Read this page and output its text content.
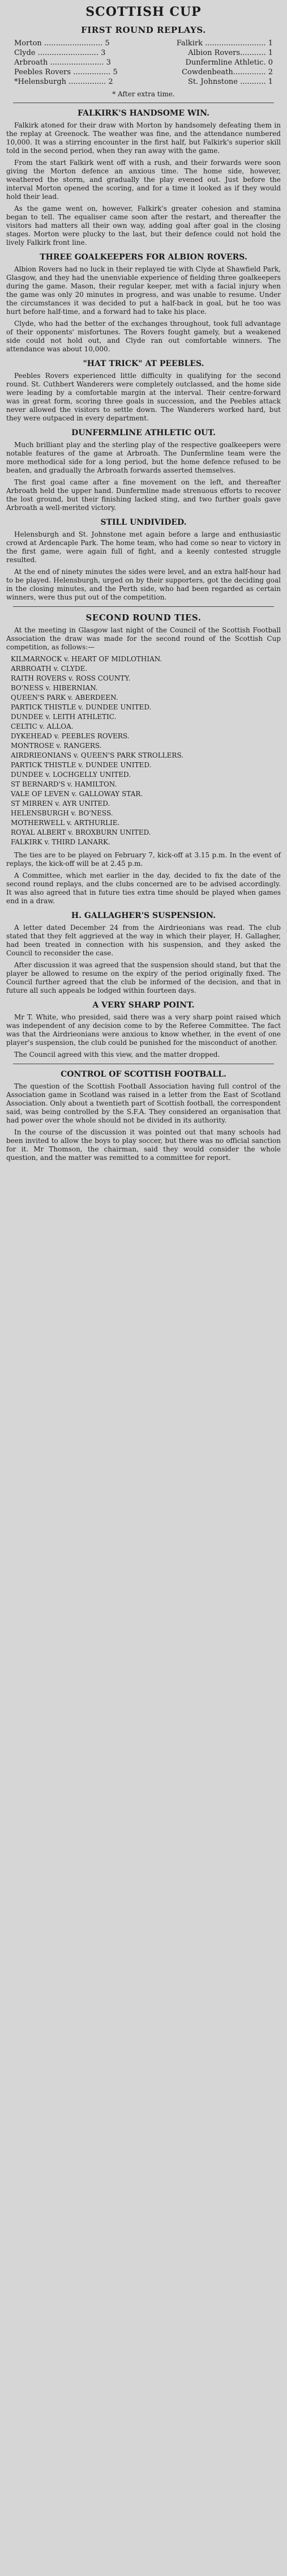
SCOTTISH CUP
FIRST ROUND REPLAYS.
Morton ......................... 5	Falkirk .......................... 1
Clyde .......................... 3	Albion Rovers........... 1
Arbroath ....................... 3	Dunfermline Athletic. 0
Peebles Rovers ................ 5	Cowdenbeath.............. 2
*Helensburgh ................ 2	St. Johnstone ........... 1
* After extra time.
FALKIRK'S HANDSOME WIN.

Falkirk atoned for their draw with Morton by handsomely defeating them in the replay at Greenock. The weather was fine, and the attendance numbered 10,000. It was a stirring encounter in the first half, but Falkirk's superior skill told in the second period, when they ran away with the game.

From the start Falkirk went off with a rush, and their forwards were soon giving the Morton defence an anxious time. The home side, however, weathered the storm, and gradually the play evened out. Just before the interval Morton opened the scoring, and for a time it looked as if they would hold their lead.

As the game went on, however, Falkirk's greater cohesion and stamina began to tell. The equaliser came soon after the restart, and thereafter the visitors had matters all their own way, adding goal after goal in the closing stages. Morton were plucky to the last, but their defence could not hold the lively Falkirk front line.

THREE GOALKEEPERS FOR ALBION ROVERS.

Albion Rovers had no luck in their replayed tie with Clyde at Shawfield Park, Glasgow, and they had the unenviable experience of fielding three goalkeepers during the game. Mason, their regular keeper, met with a facial injury when the game was only 20 minutes in progress, and was unable to resume. Under the circumstances it was decided to put a half-back in goal, but he too was hurt before half-time, and a forward had to take his place.

Clyde, who had the better of the exchanges throughout, took full advantage of their opponents' misfortunes. The Rovers fought gamely, but a weakened side could not hold out, and Clyde ran out comfortable winners. The attendance was about 10,000.

"HAT TRICK" AT PEEBLES.

Peebles Rovers experienced little difficulty in qualifying for the second round. St. Cuthbert Wanderers were completely outclassed, and the home side were leading by a comfortable margin at the interval. Their centre-forward was in great form, scoring three goals in succession, and the Peebles attack never allowed the visitors to settle down. The Wanderers worked hard, but they were outpaced in every department.

DUNFERMLINE ATHLETIC OUT.

Much brilliant play and the sterling play of the respective goalkeepers were notable features of the game at Arbroath. The Dunfermline team were the more methodical side for a long period, but the home defence refused to be beaten, and gradually the Arbroath forwards asserted themselves.

The first goal came after a fine movement on the left, and thereafter Arbroath held the upper hand. Dunfermline made strenuous efforts to recover the lost ground, but their finishing lacked sting, and two further goals gave Arbroath a well-merited victory.

STILL UNDIVIDED.

Helensburgh and St. Johnstone met again before a large and enthusiastic crowd at Ardencaple Park. The home team, who had come so near to victory in the first game, were again full of fight, and a keenly contested struggle resulted.

At the end of ninety minutes the sides were level, and an extra half-hour had to be played. Helensburgh, urged on by their supporters, got the deciding goal in the closing minutes, and the Perth side, who had been regarded as certain winners, were thus put out of the competition.

SECOND ROUND TIES.

At the meeting in Glasgow last night of the Council of the Scottish Football Association the draw was made for the second round of the Scottish Cup competition, as follows:—

KILMARNOCK v. HEART OF MIDLOTHIAN.
ARBROATH v. CLYDE.
RAITH ROVERS v. ROSS COUNTY.
BO'NESS v. HIBERNIAN.
QUEEN'S PARK v. ABERDEEN.
PARTICK THISTLE v. DUNDEE UNITED.
DUNDEE v. LEITH ATHLETIC.
CELTIC v. ALLOA.
DYKEHEAD v. PEEBLES ROVERS.
MONTROSE v. RANGERS.
AIRDRIEONIANS v. QUEEN'S PARK STROLLERS.
PARTICK THISTLE v. DUNDEE UNITED.
DUNDEE v. LOCHGELLY UNITED.
ST BERNARD'S v. HAMILTON.
VALE OF LEVEN v. GALLOWAY STAR.
ST MIRREN v. AYR UNITED.
HELENSBURGH v. BO'NESS.
MOTHERWELL v. ARTHURLIE.
ROYAL ALBERT v. BROXBURN UNITED.
FALKIRK v. THIRD LANARK.

The ties are to be played on February 7, kick-off at 3.15 p.m. In the event of replays, the kick-off will be at 2.45 p.m.

A Committee, which met earlier in the day, decided to fix the date of the second round replays, and the clubs concerned are to be advised accordingly. It was also agreed that in future ties extra time should be played when games end in a draw.

H. GALLAGHER'S SUSPENSION.

A letter dated December 24 from the Airdrieonians was read. The club stated that they felt aggrieved at the way in which their player, H. Gallagher, had been treated in connection with his suspension, and they asked the Council to reconsider the case.

After discussion it was agreed that the suspension should stand, but that the player be allowed to resume on the expiry of the period originally fixed. The Council further agreed that the club be informed of the decision, and that in future all such appeals be lodged within fourteen days.

A VERY SHARP POINT.

Mr T. White, who presided, said there was a very sharp point raised which was independent of any decision come to by the Referee Committee. The fact was that the Airdrieonians were anxious to know whether, in the event of one player's suspension, the club could be punished for the misconduct of another.

The Council agreed with this view, and the matter dropped.

CONTROL OF SCOTTISH FOOTBALL.

The question of the Scottish Football Association having full control of the Association game in Scotland was raised in a letter from the East of Scotland Association. Only about a twentieth part of Scottish football, the correspondent said, was being controlled by the S.F.A. They considered an organisation that had power over the whole should not be divided in its authority.

In the course of the discussion it was pointed out that many schools had been invited to allow the boys to play soccer, but there was no official sanction for it. Mr Thomson, the chairman, said they would consider the whole question, and the matter was remitted to a committee for report.
